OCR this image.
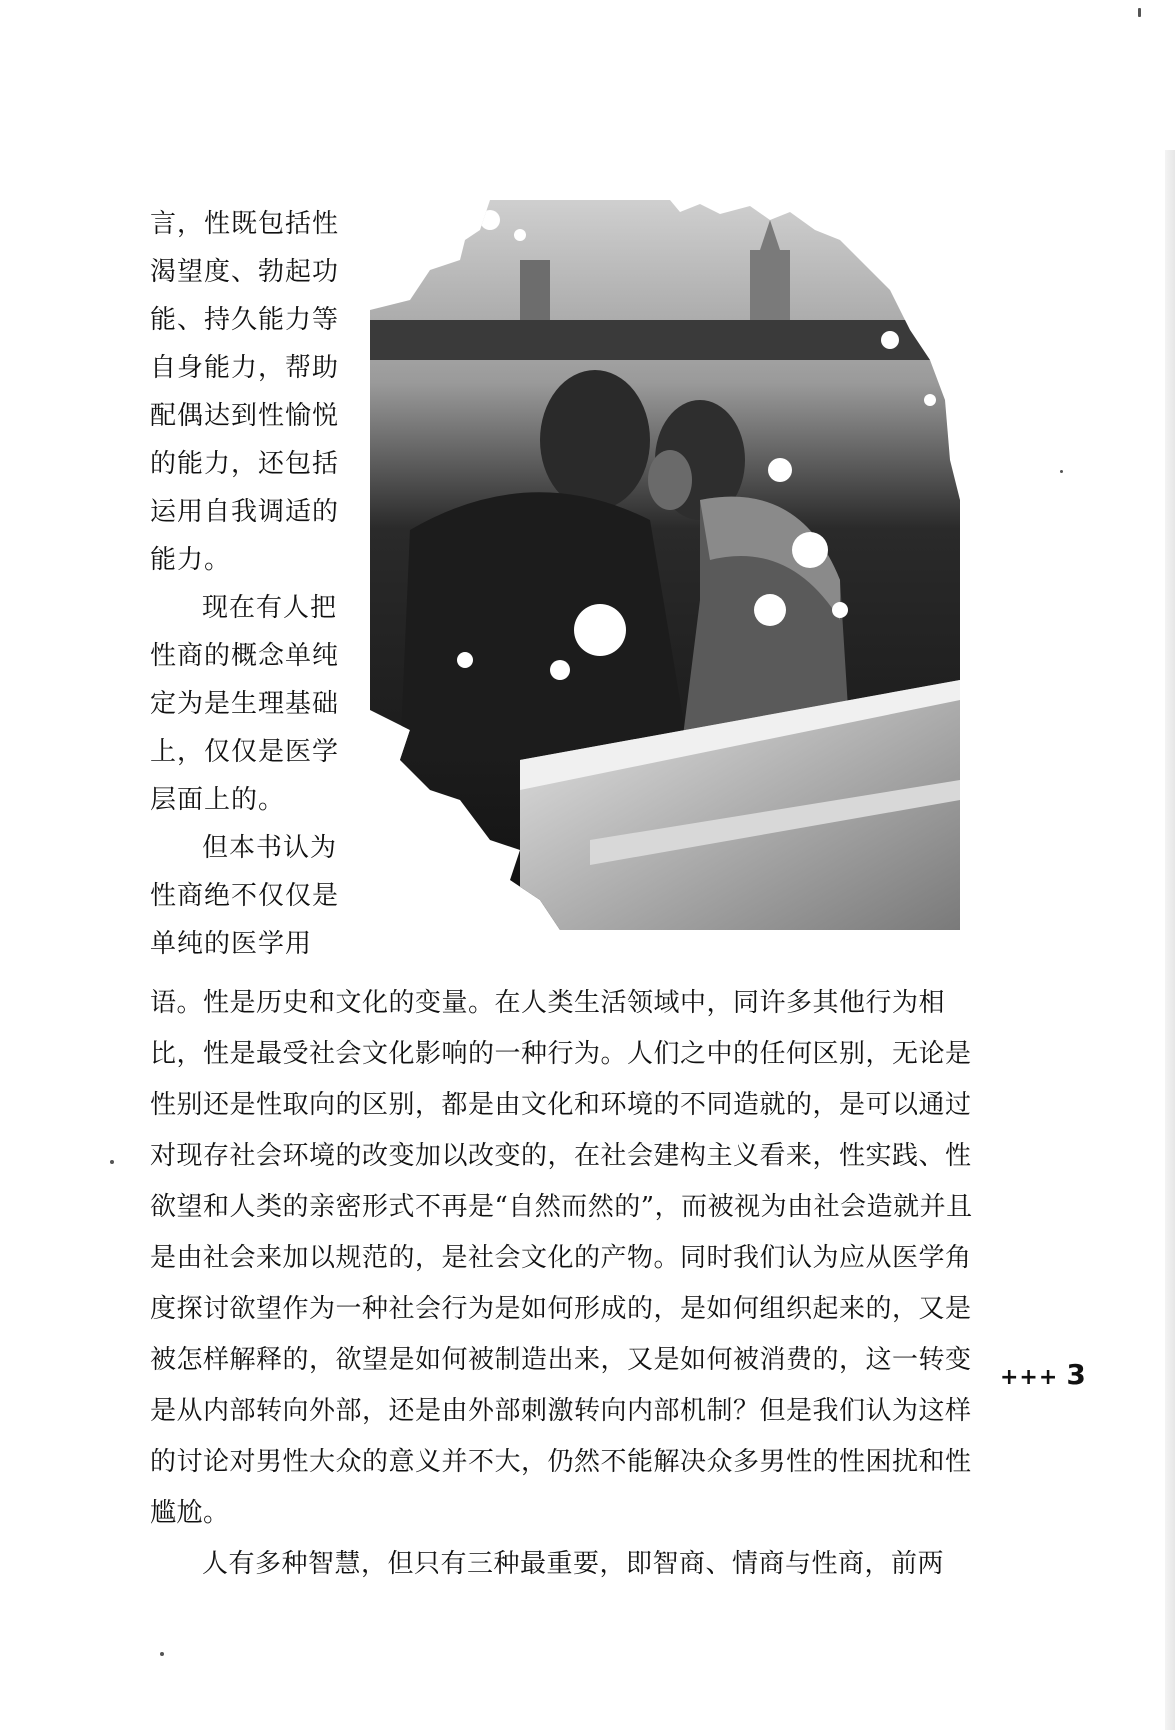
言，性既包括性渴望度、勃起功能、持久能力等自身能力，帮助配偶达到性愉悦的能力，还包括运用自我调适的能力。

现在有人把性商的概念单纯定为是生理基础上，仅仅是医学层面上的。

但本书认为性商绝不仅仅是单纯的医学用

语。性是历史和文化的变量。在人类生活领域中，同许多其他行为相比，性是最受社会文化影响的一种行为。人们之中的任何区别，无论是性别还是性取向的区别，都是由文化和环境的不同造就的，是可以通过对现存社会环境的改变加以改变的，在社会建构主义看来，性实践、性欲望和人类的亲密形式不再是“自然而然的”，而被视为由社会造就并且是由社会来加以规范的，是社会文化的产物。同时我们认为应从医学角度探讨欲望作为一种社会行为是如何形成的，是如何组织起来的，又是被怎样解释的，欲望是如何被制造出来，又是如何被消费的，这一转变是从内部转向外部，还是由外部刺激转向内部机制？但是我们认为这样的讨论对男性大众的意义并不大，仍然不能解决众多男性的性困扰和性尴尬。

人有多种智慧，但只有三种最重要，即智商、情商与性商，前两

+++ 3
